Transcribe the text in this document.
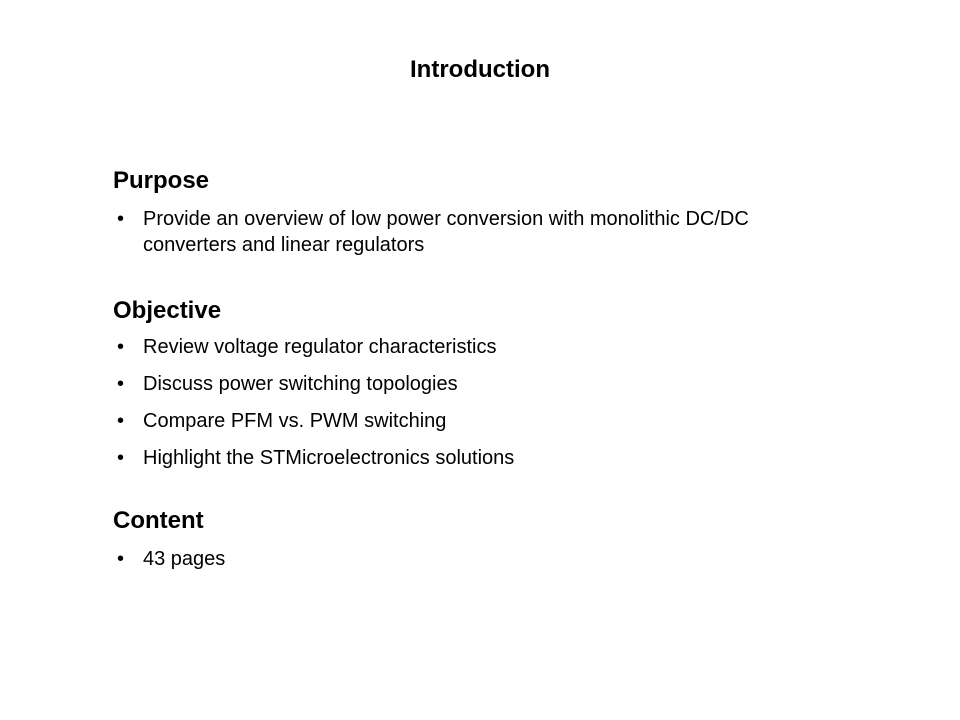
Introduction
Purpose
• Provide an overview of low power conversion with monolithic DC/DC converters and linear regulators
Objective
• Review voltage regulator characteristics
• Discuss power switching topologies
• Compare PFM vs. PWM switching
• Highlight the STMicroelectronics solutions
Content
• 43 pages
